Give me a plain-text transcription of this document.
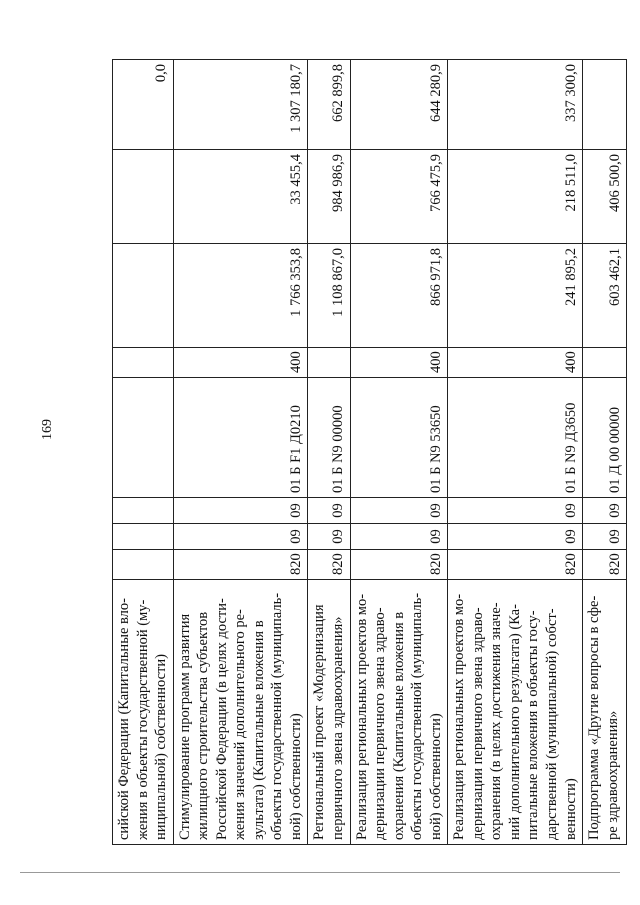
169
сийской Федерации (Капитальные вло-жения в объекты государственной (му-ниципальной) собственности)								0,0
Стимулирование программ развития жилищного строительства субъектов Российской Федерации (в целях дости-жения значений дополнительного ре-зультата) (Капитальные вложения в объекты государственной (муниципаль-ной) собственности)	820	09	09	01 Б F1 Д0210	400	1 766 353,8	33 455,4	1 307 180,7
Региональный проект «Модернизация первичного звена здравоохранения»	820	09	09	01 Б N9 00000		1 108 867,0	984 986,9	662 899,8
Реализация региональных проектов мо-дернизации первичного звена здраво-охранения (Капитальные вложения в объекты государственной (муниципаль-ной) собственности)	820	09	09	01 Б N9 53650	400	866 971,8	766 475,9	644 280,9
Реализация региональных проектов мо-дернизации первичного звена здраво-охранения (в целях достижения значе-ний дополнительного результата) (Ка-питальные вложения в объекты госу-дарственной (муниципальной) собст-венности)	820	09	09	01 Б N9 Д3650	400	241 895,2	218 511,0	337 300,0
Подпрограмма «Другие вопросы в сфе-ре здравоохранения»	820	09	09	01 Д 00 00000		603 462,1	406 500,0	
